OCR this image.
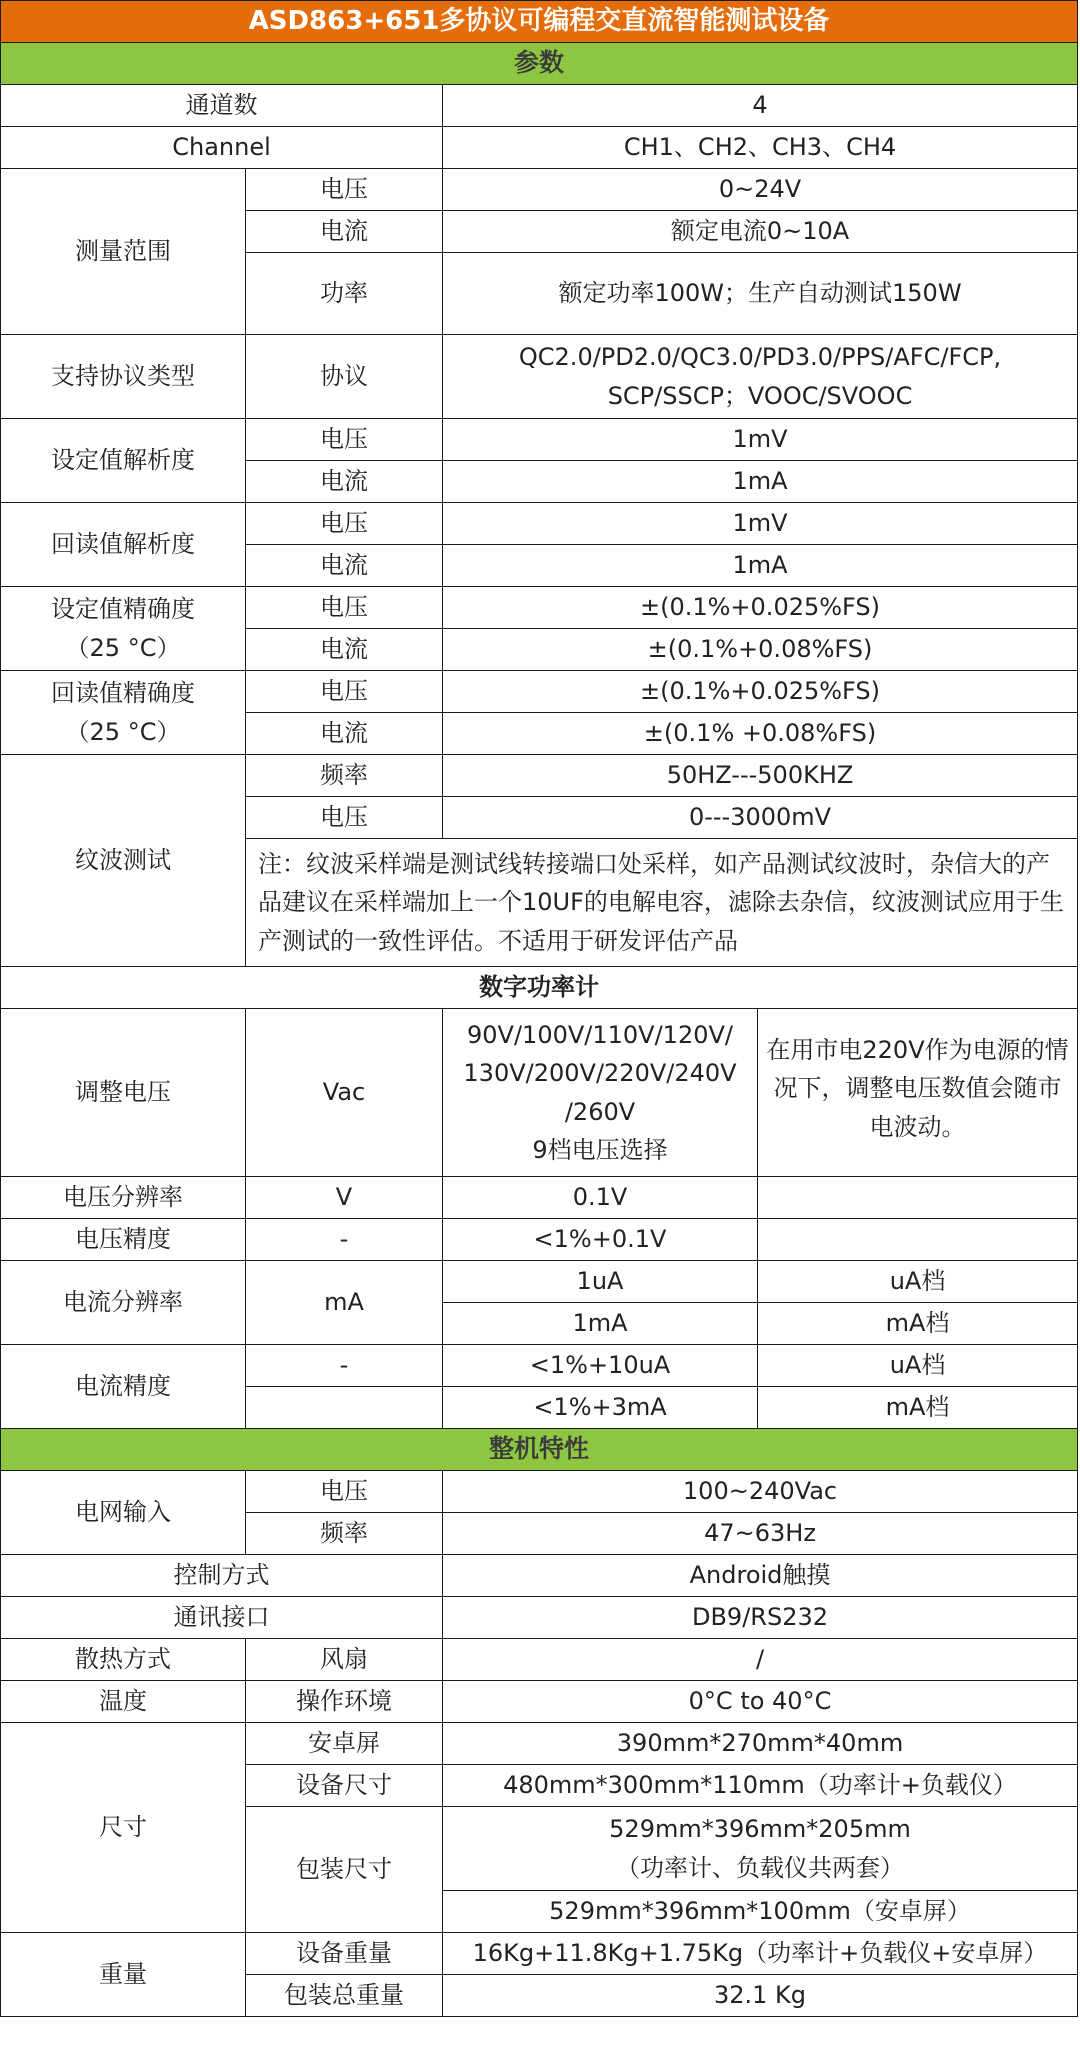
ASD863+651多协议可编程交直流智能测试设备			
参数			
通道数		4	
Channel		CH1、CH2、CH3、CH4	
测量范围	电压	0~24V	
	电流	额定电流0~10A	
	功率	额定功率100W；生产自动测试150W	
支持协议类型	协议	QC2.0/PD2.0/QC3.0/PD3.0/PPS/AFC/FCP,
SCP/SSCP；VOOC/SVOOC	

设定值解析度	电压	1mV	
	电流	1mA	
回读值解析度	电压	1mV	
	电流	1mA	

设定值精确度
（25 °C）	电压	±(0.1%+0.025%FS)	
	电流	±(0.1%+0.08%FS)	

回读值精确度
（25 °C）	电压	±(0.1%+0.025%FS)	
	电流	±(0.1% +0.08%FS)	
纹波测试	频率	50HZ---500KHZ	
	电压	0---3000mV	
	注：纹波采样端是测试线转接端口处采样，如产品测试纹波时，杂信大的产品建议在采样端加上一个10UF的电解电容，滤除去杂信，纹波测试应用于生产测试的一致性评估。不适用于研发评估产品		
数字功率计			
调整电压	Vac	90V/100V/110V/120V/
130V/200V/220V/240V
/260V
9档电压选择	在用市电220V作为电源的情况下，调整电压数值会随市电波动。
电压分辨率	V	0.1V	
电压精度	-	<1%+0.1V	
电流分辨率	mA	1uA	uA档
		1mA	mA档
电流精度	-	<1%+10uA	uA档
		<1%+3mA	mA档
整机特性			
电网输入	电压	100~240Vac	
	频率	47~63Hz	
控制方式		Android触摸	
通讯接口		DB9/RS232	
散热方式	风扇	/	
温度	操作环境	0°C to 40°C	
尺寸	安卓屏	390mm*270mm*40mm	
	设备尺寸	480mm*300mm*110mm（功率计+负载仪）	
	包装尺寸	529mm*396mm*205mm
（功率计、负载仪共两套）	

		529mm*396mm*100mm（安卓屏）	
重量	设备重量	16Kg+11.8Kg+1.75Kg（功率计+负载仪+安卓屏）	
	包装总重量	32.1 Kg	
